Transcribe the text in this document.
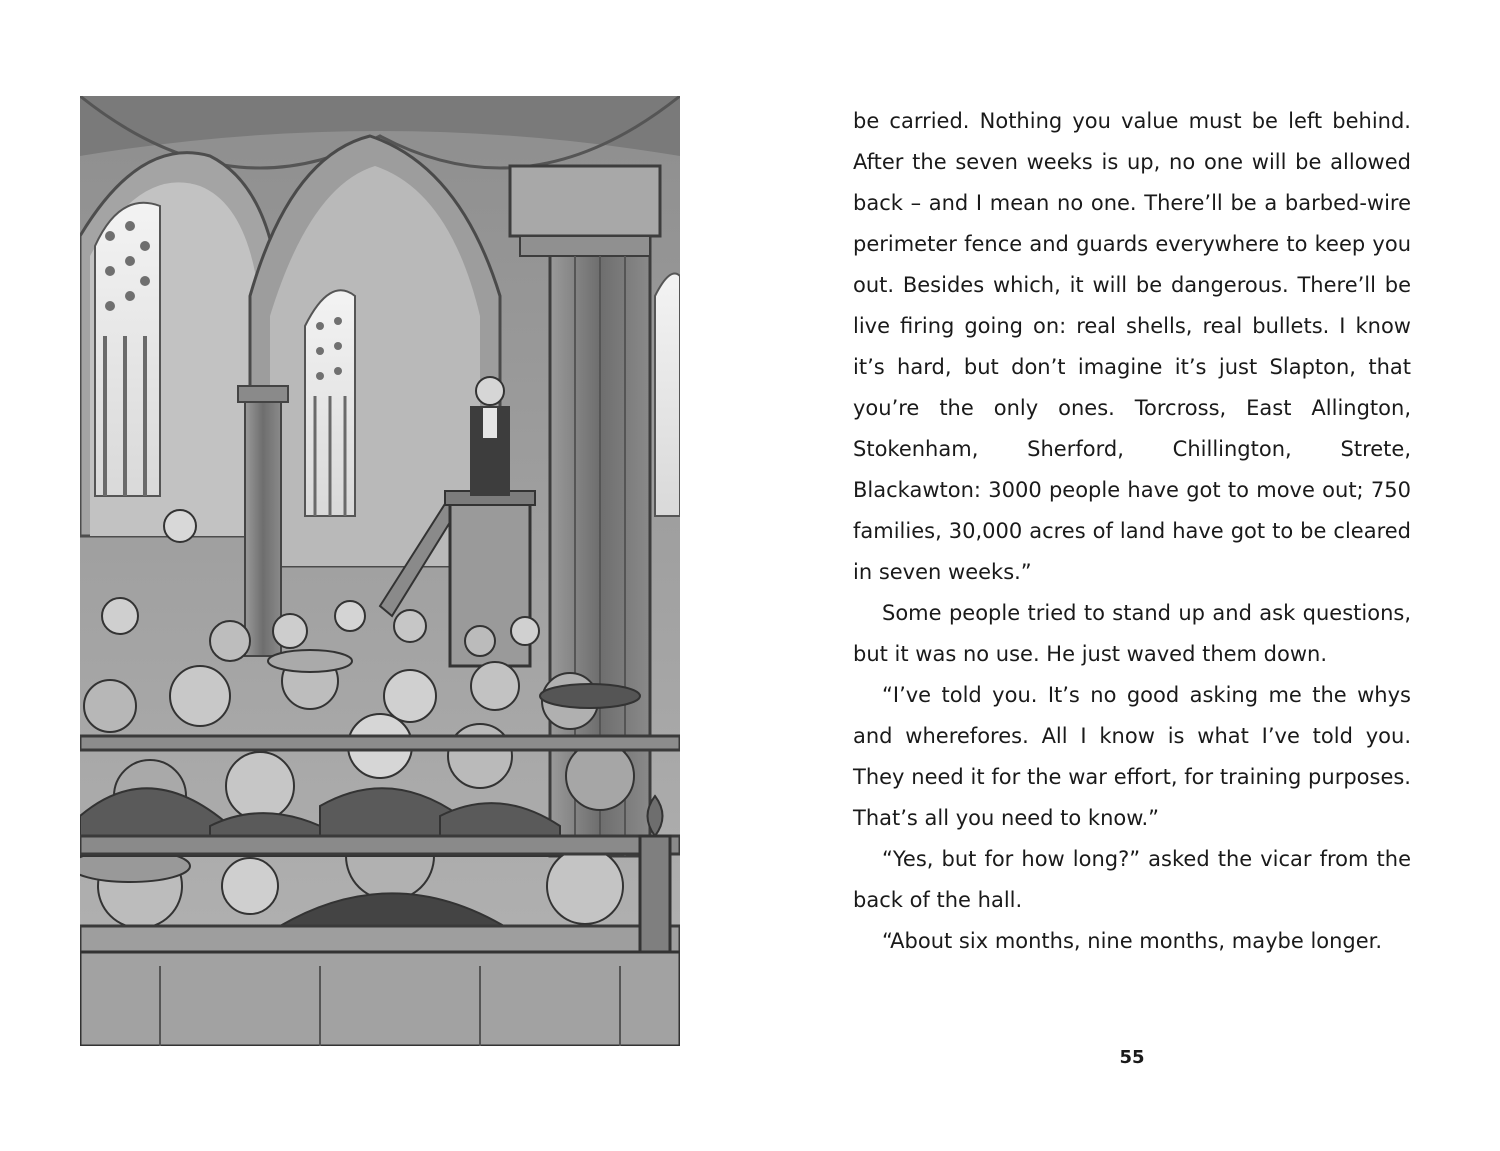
be carried. Nothing you value must be left behind. After the seven weeks is up, no one will be allowed back – and I mean no one. There’ll be a barbed-wire perimeter fence and guards everywhere to keep you out. Besides which, it will be dangerous. There’ll be live firing going on: real shells, real bullets. I know it’s hard, but don’t imagine it’s just Slapton, that you’re the only ones. Torcross, East Allington, Stokenham, Sherford, Chillington, Strete, Blackawton: 3000 people have got to move out; 750 families, 30,000 acres of land have got to be cleared in seven weeks.”

Some people tried to stand up and ask questions, but it was no use. He just waved them down.

“I’ve told you. It’s no good asking me the whys and wherefores. All I know is what I’ve told you. They need it for the war effort, for training purposes. That’s all you need to know.”

“Yes, but for how long?” asked the vicar from the back of the hall.

“About six months, nine months, maybe longer.

55
